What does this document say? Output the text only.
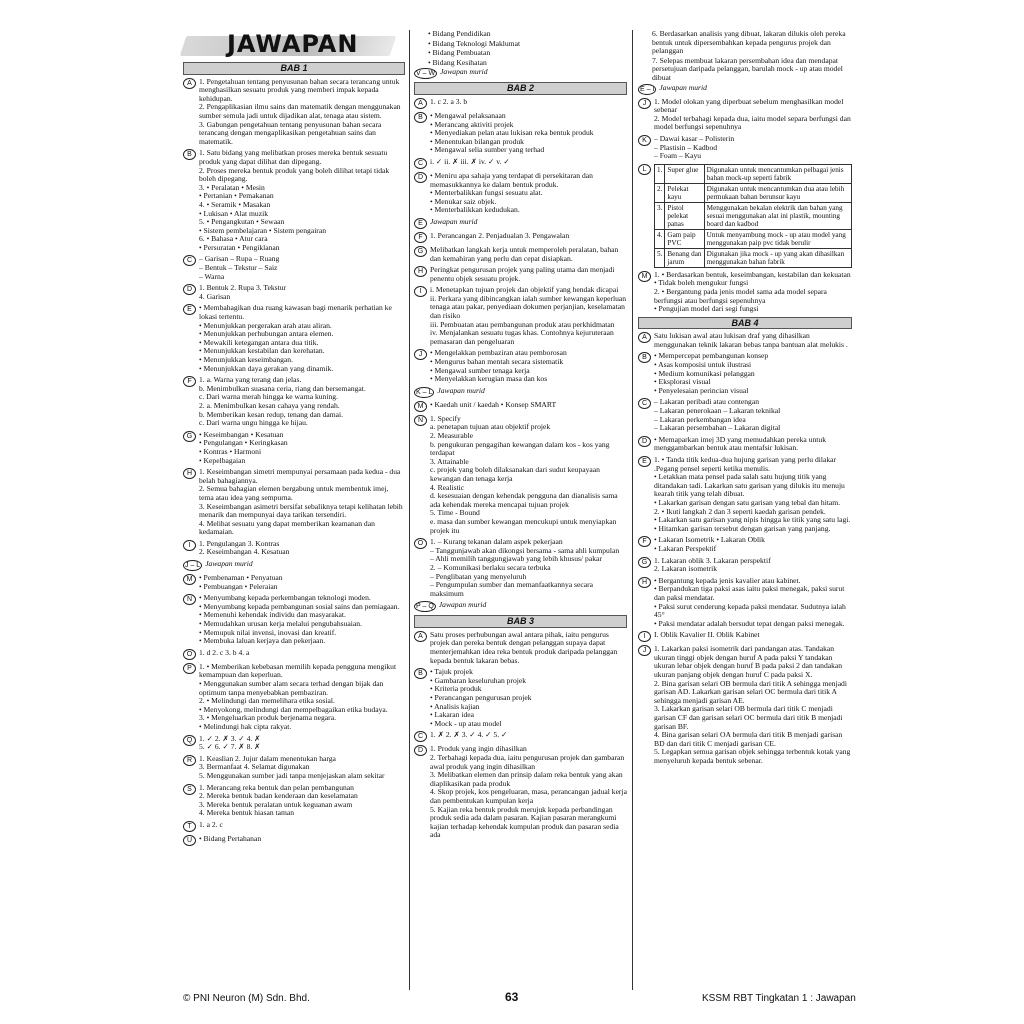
JAWAPAN
BAB 1
A 1. Pengetahuan tentang penyusunan bahan secara terancang untuk menghasilkan sesuatu produk yang memberi impak kepada kehidupan.

2. Pengaplikasian ilmu sains dan matematik dengan menggunakan sumber semula jadi untuk dijadikan alat, tenaga atau sistem.

3. Gabungan pengetahuan tentang penyusunan bahan secara terancang dengan mengaplikasikan pengetahuan sains dan matematik.

B 1. Satu bidang yang melibatkan proses mereka bentuk sesuatu produk yang dapat dilihat dan dipegang.

2. Proses mereka bentuk produk yang boleh dilihat tetapi tidak boleh dipegang.

3. • Peralatan • Mesin

• Pertanian • Pemakanan

4. • Seramik • Masakan

• Lukisan • Alat muzik

5. • Pengangkutan • Sewaan

• Sistem pembelajaran • Sistem pengairan

6. • Bahasa • Atur cara

• Persuratan • Pengiklanan

C – Garisan – Rupa – Ruang

– Bentuk – Tekstur – Saiz

– Warna

D 1. Bentuk 2. Rupa 3. Tekstur

4. Garisan

E • Membahagikan dua ruang kawasan bagi menarik perhatian ke lokasi tertentu.

• Menunjukkan pergerakan arah atau aliran.

• Menunjukkan perhubungan antara elemen.

• Mewakili ketegangan antara dua titik.

• Menunjukkan kestabilan dan kerehatan.

• Menunjukkan keseimbangan.

• Menunjukkan daya gerakan yang dinamik.

F 1. a. Warna yang terang dan jelas.

b. Menimbulkan suasana ceria, riang dan bersemangat.

c. Dari warna merah hingga ke warna kuning.

2. a. Menimbulkan kesan cahaya yang rendah.

b. Memberikan kesan redup, tenang dan damai.

c. Dari warna ungu hingga ke hijau.

G • Keseimbangan • Kesatuan

• Pengulangan • Keringkasan

• Kontras • Harmoni

• Kepelbagaian

H 1. Keseimbangan simetri mempunyai persamaan pada kedua - dua belah bahagiannya.

2. Semua bahagian elemen bergabung untuk membentuk imej, tema atau idea yang sempurna.

3. Keseimbangan asimetri bersifat sebaliknya tetapi kelihatan lebih menarik dan mempunyai daya tarikan tersendiri.

4. Melihat sesuatu yang dapat memberikan keamanan dan kedamaian.

I	1. Pengulangan 3. Kontras

2. Keseimbangan 4. Kesatuan

J – L Jawapan murid

M • Pembenaman • Penyatuan

• Pembuangan • Peleraian

N • Menyumbang kepada perkembangan teknologi moden.

• Menyumbang kepada pembangunan sosial sains dan pemiagaan.

• Memenuhi kehendak individu dan masyarakat.

• Memudahkan urusan kerja melalui pengubahsuaian.

• Memupuk nilai invensi, inovasi dan kreatif.

• Membuka laluan kerjaya dan pekerjaan.

O 1. d 2. c 3. b 4. a

P 1. • Memberikan kebebasan memilih kepada pengguna mengikut kemampuan dan keperluan.

• Menggunakan sumber alam secara terhad dengan bijak dan optimum tanpa menyebabkan pembaziran.

2. • Melindungi dan memelihara etika sosial.

• Menyokong, melindungi dan mempelbagaikan etika budaya.

3. • Mengeluarkan produk berjenama negara.

• Melindungi hak cipta rakyat.

Q 1. ✓ 2. ✗ 3. ✓ 4. ✗

5. ✓ 6. ✓ 7. ✗ 8. ✗

R 1. Keaslian 2. Jujur dalam menentukan harga

3. Bermanfaat 4. Selamat digunakan

5. Menggunakan sumber jadi tanpa menjejaskan alam sekitar

S 1. Merancang reka bentuk dan pelan pembangunan

2. Mereka bentuk badan kenderaan dan keselamatan

3. Mereka bentuk peralatan untuk keguanan awam

4. Mereka bentuk hiasan taman

T 1. a 2. c

U • Bidang Pertahanan

• Bidang Pendidikan

• Bidang Teknologi Maklumat

• Bidang Pembuatan

• Bidang Kesihatan

V – W Jawapan murid
BAB 2
A 1. c 2. a 3. b

B • Mengawal pelaksanaan

• Merancang aktiviti projek

• Menyediakan pelan atau lukisan reka bentuk produk

• Menentukan bilangan produk

• Mengawal selia sumber yang terhad

C i. ✓ ii. ✗ iii. ✗ iv. ✓ v. ✓

D • Meniru apa sahaja yang terdapat di persekitaran dan memasukkannya ke dalam bentuk produk.

• Menterbalikkan fungsi sesuatu alat.

• Menukar saiz objek.

• Menterbalikkan kedudukan.

E Jawapan murid

F 1. Perancangan 2. Penjadualan 3. Pengawalan

G Melibatkan langkah kerja untuk memperoleh peralatan, bahan dan kemahiran yang perlu dan cepat disiapkan.

H Peringkat pengurusan projek yang paling utama dan menjadi penentu objek sesuatu projek.

I	i. Menetapkan tujuan projek dan objektif yang hendak dicapai

ii. Perkara yang dibincangkan ialah sumber kewangan keperluan tenaga atau pakar, penyediaan dokumen perjanjian, keselamatan dan risiko

iii. Pembuatan atau pembangunan produk atau perkhidmatan

iv. Menjalankan sesuatu tugas khas. Contohnya kejuruteraan pemasaran dan pengeluaran

J	• Mengelakkan pembaziran atau pemborosan

• Mengurus bahan mentah secara sistematik

• Mengawal sumber tenaga kerja

• Menyelakkan kerugian masa dan kos

K – L Jawapan murid

M • Kaedah unit / kaedah • Konsep SMART

N 1. Specify

a. penetapan tujuan atau objektif projek

2. Measurable

b. pengukuran pengagihan kewangan dalam kos - kos yang terdapat

3. Attainable

c. projek yang boleh dilaksanakan dari sudut keupayaan kewangan dan tenaga kerja

4. Realistic

d. kesesuaian dengan kehendak pengguna dan dianalisis sama ada kehendak mereka mencapai tujuan projek

5. Time - Bound

e. masa dan sumber kewangan mencukupi untuk menyiapkan projek itu

O 1. – Kurang tekanan dalam aspek pekerjaan

– Tanggunjawab akan dikongsi bersama - sama ahli kumpulan

– Ahli memilih tanggungjawab yang lebih khusus/ pakar

2. – Komunikasi berlaku secara terbuka

– Penglibatan yang menyeluruh

– Pengumpulan sumber dan memanfaatkannya secara maksimum

P – Q Jawapan murid

BAB 3
A Satu proses perhubungan awal antara pihak, iaitu pengurus projek dan pereka bentuk dengan pelanggan supaya dapat menterjemahkan idea reka bentuk produk daripada pelanggan kepada bentuk lakaran bebas.

B • Tajuk projek

• Gambaran keseluruhan projek

• Kriteria produk

• Perancangan pengurusan projek

• Analisis kajian

• Lakaran idea

• Mock - up atau model

C 1. ✗ 2. ✗ 3. ✓ 4. ✓ 5. ✓

D 1. Produk yang ingin dihasilkan

2. Terbahagi kepada dua, iaitu pengurusan projek dan gambaran awal produk yang ingin dihasilkan

3. Melibatkan elemen dan prinsip dalam reka bentuk yang akan diaplikasikan pada produk

4. Skop projek, kos pengeluaran, masa, perancangan jadual kerja dan pembentukan kumpulan kerja

5. Kajian reka bentuk produk merujuk kepada perbandingan produk sedia ada dalam pasaran. Kajian pasaran merangkumi kajian terhadap kehendak kumpulan produk dan pasaran sedia ada

6. Berdasarkan analisis yang dibuat, lakaran dilukis oleh pereka bentuk untuk dipersembahkan kepada pengurus projek dan pelanggan

7. Selepas membuat lakaran persembahan idea dan mendapat persetujuan daripada pelanggan, barulah mock - up atau model dibuat

E – I Jawapan murid

J	1. Model olokan yang diperbuat sebelum menghasilkan model sebenar

2. Model terbahagi kepada dua, iaitu model separa berfungsi dan model berfungsi sepenuhnya

K – Dawai kasar – Polisterin

– Plastisin – Kadbod

– Foam – Kayu

L	1.	Super glue	Digunakan untuk mencantumkan pelbagai jenis bahan mock-up seperti fabrik
2.	Pelekat kayu	Digunakan untuk mencantumkan dua atau lebih permukaan bahan berunsur kayu
3.	Pistol pelekat panas	Menggunakan bekalan elektrik dan bahan yang sesuai menggunakan alat ini plastik, mounting board dan kadbod
4.	Gam paip PVC	Untuk menyambung mock - up atau model yang menggunakan paip pvc tidak berulir
5.	Benang dan jarum	Digunakan jika mock - up yang akan dihasilkan menggunakan bahan fabrik
M 1. • Berdasarkan bentuk, keseimbangan, kestabilan dan kekuatan

• Tidak boleh mengukur fungsi

2. • Bergantung pada jenis model sama ada model separa berfungsi atau berfungsi sepenuhnya

• Pengujian model dari segi fungsi

BAB 4
A Satu lukisan awal atau lukisan draf yang dihasilkan menggunakan teknik lakaran bebas tanpa bantuan alat melukis .

B • Mempercepat pembangunan konsep

• Asas komposisi untuk ilustrasi

• Medium komunikasi pelanggan

• Eksplorasi visual

• Penyelesaian perincian visual

C – Lakaran peribadi atau contengan

– Lakaran penerokaan – Lakaran teknikal

– Lakaran perkembangan idea

– Lakaran persembahan – Lakaran digital

D • Memaparkan imej 3D yang memudahkan pereka untuk menggambarkan bentuk atau mentafsir lukisan.

E 1. • Tanda titik kedua-dua hujung garisan yang perlu dilakar .Pegang pensel seperti ketika menulis.

• Letakkan mata pensel pada salah satu hujung titik yang ditandakan tadi. Lakarkan satu garisan yang dilukis itu menuju kearah titik yang telah dibuat.

• Lakarkan garisan dengan satu garisan yang tebal dan hitam.

2. • Ikuti langkah 2 dan 3 seperti kaedah garisan pendek.

• Lakarkan satu garisan yang nipis hingga ke titik yang satu lagi.

• Hitamkan garisan tersebut dengan garisan yang panjang.

F • Lakaran Isometrik • Lakaran Oblik

• Lakaran Perspektif

G 1. Lakaran oblik 3. Lakaran perspektif

2. Lakaran isometrik

H • Bergantung kepada jenis kavalier atau kabinet.

• Berpandukan tiga paksi asas iaitu paksi menegak, paksi surut dan paksi mendatar.

• Paksi surut cenderung kepada paksi mendatar. Sudutnya ialah 45°

• Paksi mendatar adalah bersudut tepat dengan paksi menegak.

I	I. Oblik Kavalier II. Oblik Kabinet

J	1. Lakarkan paksi isometrik dari pandangan atas. Tandakan ukuran tinggi objek dengan huruf A pada paksi Y tandakan ukuran lebar objek dengan huruf B pada paksi 2 dan tandakan ukuran panjang objek dengan huruf C pada paksi X.

2. Bina garisan selari OB bermula dari titik A sehingga menjadi garisan AD. Lakarkan garisan selari OC bermula dari titik A sehingga menjadi garisan AE.

3. Lakarkan garisan selari OB bermula dari titik C menjadi garisan CF dan garisan selari OC bermula dari titik B menjadi garisan BF.

4. Bina garisan selari OA bermula dari titik B menjadi garisan BD dan dari titik C menjadi garisan CE.

5. Legapkan semua garisan objek sehingga terbentuk kotak yang menyeluruh kepada bentuk sebenar.

© PNI Neuron (M) Sdn. Bhd.	63	KSSM RBT Tingkatan 1 : Jawapan
